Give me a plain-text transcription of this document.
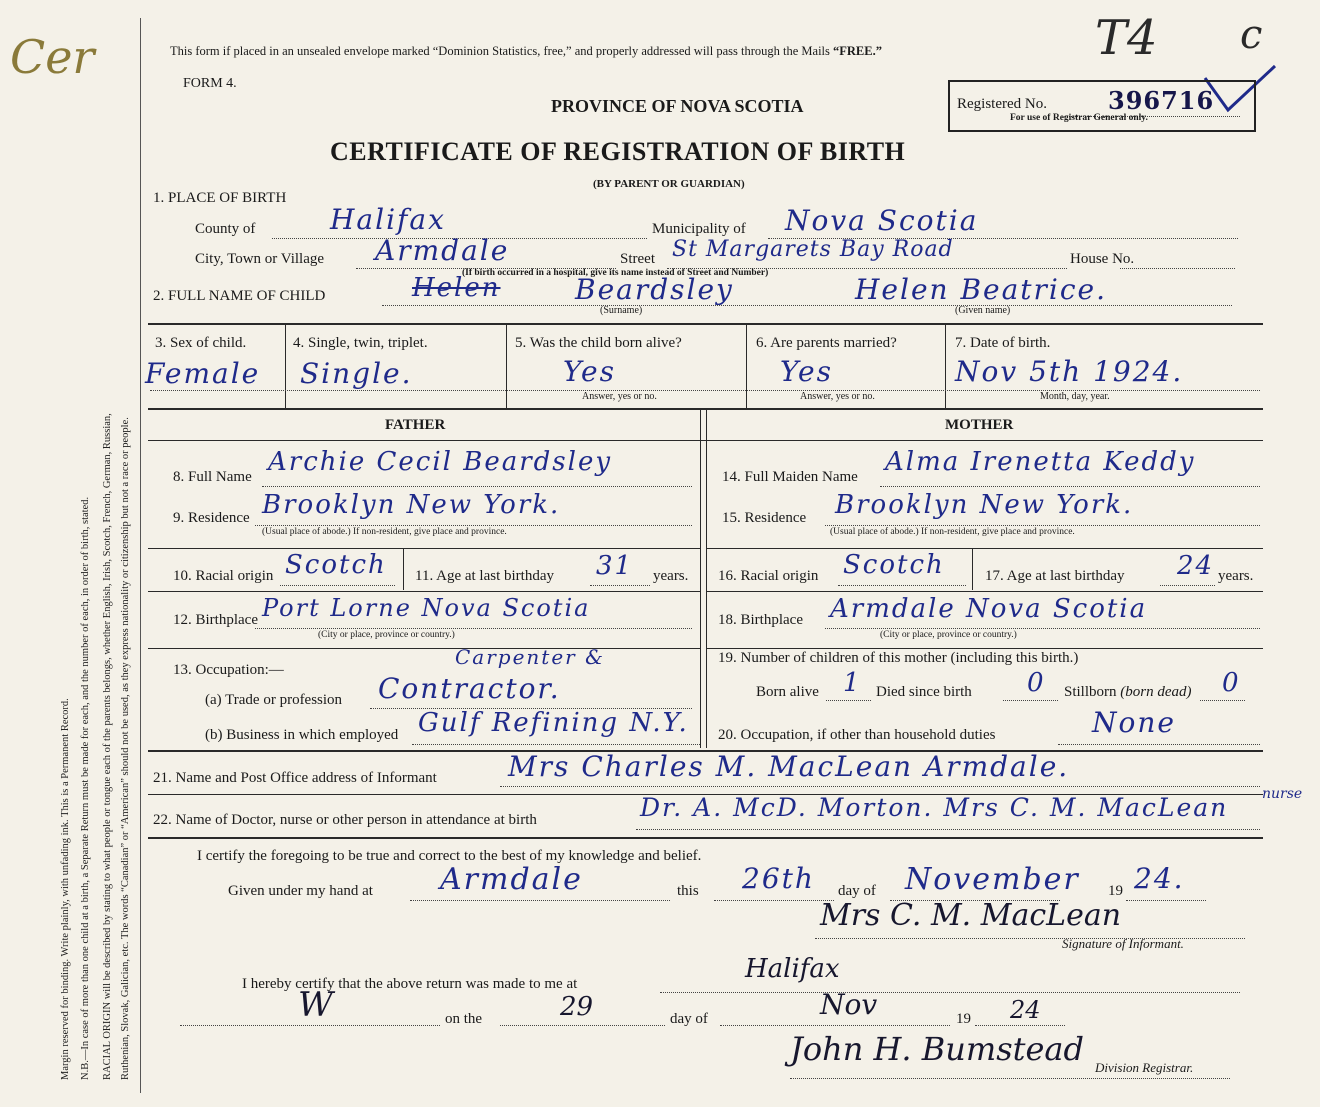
Margin reserved for binding. Write plainly, with unfading ink. This is a Permanent Record. N.B.—In case of more than one child at a birth, a Separate Return must be made for each, and the number of each, in order of birth, stated. RACIAL ORIGIN will be described by stating to what people or tongue each of the parents belongs, whether English, Irish, Scotch, French, German, Russian, Ruthenian, Slovak, Galician, etc. The words “Canadian” or “American” should not be used, as they express nationality or citizenship but not a race or people.
Cer	T4 c
This form if placed in an unsealed envelope marked “Dominion Statistics, free,” and properly addressed will pass through the Mails “FREE.”
FORM 4.
PROVINCE OF NOVA SCOTIA
CERTIFICATE OF REGISTRATION OF BIRTH
(BY PARENT OR GUARDIAN)
Registered No.	396716
For use of Registrar General only.
1. PLACE OF BIRTH
County of	Halifax	Municipality of Nova Scotia
City, Town or Village Armdale	Street St Margarets Bay Road	House No.
(If birth occurred in a hospital, give its name instead of Street and Number)
2. FULL NAME OF CHILD	Helen	Beardsley	Helen Beatrice.
(Surname)	(Given name)
3. Sex of child.
Female
4. Single, twin, triplet.
Single.
5. Was the child born alive?
Yes
Answer, yes or no.
6. Are parents married?
Yes
Answer, yes or no.
7. Date of birth.
Nov 5th 1924.
Month, day, year.
FATHER	MOTHER
8. Full Name Archie Cecil Beardsley
9. Residence Brooklyn New York.
(Usual place of abode.) If non-resident, give place and province.
10. Racial origin Scotch 11. Age at last birthday 31 years.
12. Birthplace Port Lorne Nova Scotia
(City or place, province or country.)
13. Occupation:—
Carpenter &
(a) Trade or profession Contractor.
(b) Business in which employed Gulf Refining N.Y.
14. Full Maiden Name Alma Irenetta Keddy
15. Residence Brooklyn New York.
(Usual place of abode.) If non-resident, give place and province.
16. Racial origin Scotch	17. Age at last birthday 24 years.
18. Birthplace Armdale Nova Scotia
(City or place, province or country.)
19. Number of children of this mother (including this birth.)
Born alive 1 Died since birth 0 Stillborn (born dead) 0
20. Occupation, if other than household duties	None
21. Name and Post Office address of Informant	Mrs Charles M. MacLean Armdale.
22. Name of Doctor, nurse or other person in attendance at birth	Dr. A. McD. Morton. Mrs C. M. MacLean nurse
I certify the foregoing to be true and correct to the best of my knowledge and belief.
Given under my hand at Armdale	this 26th day of November 19 24.
Mrs C. M. MacLean
Signature of Informant.
I hereby certify that the above return was made to me at	Halifax
W	on the	29	day of	Nov	19 24
John H. Bumstead Division Registrar.
